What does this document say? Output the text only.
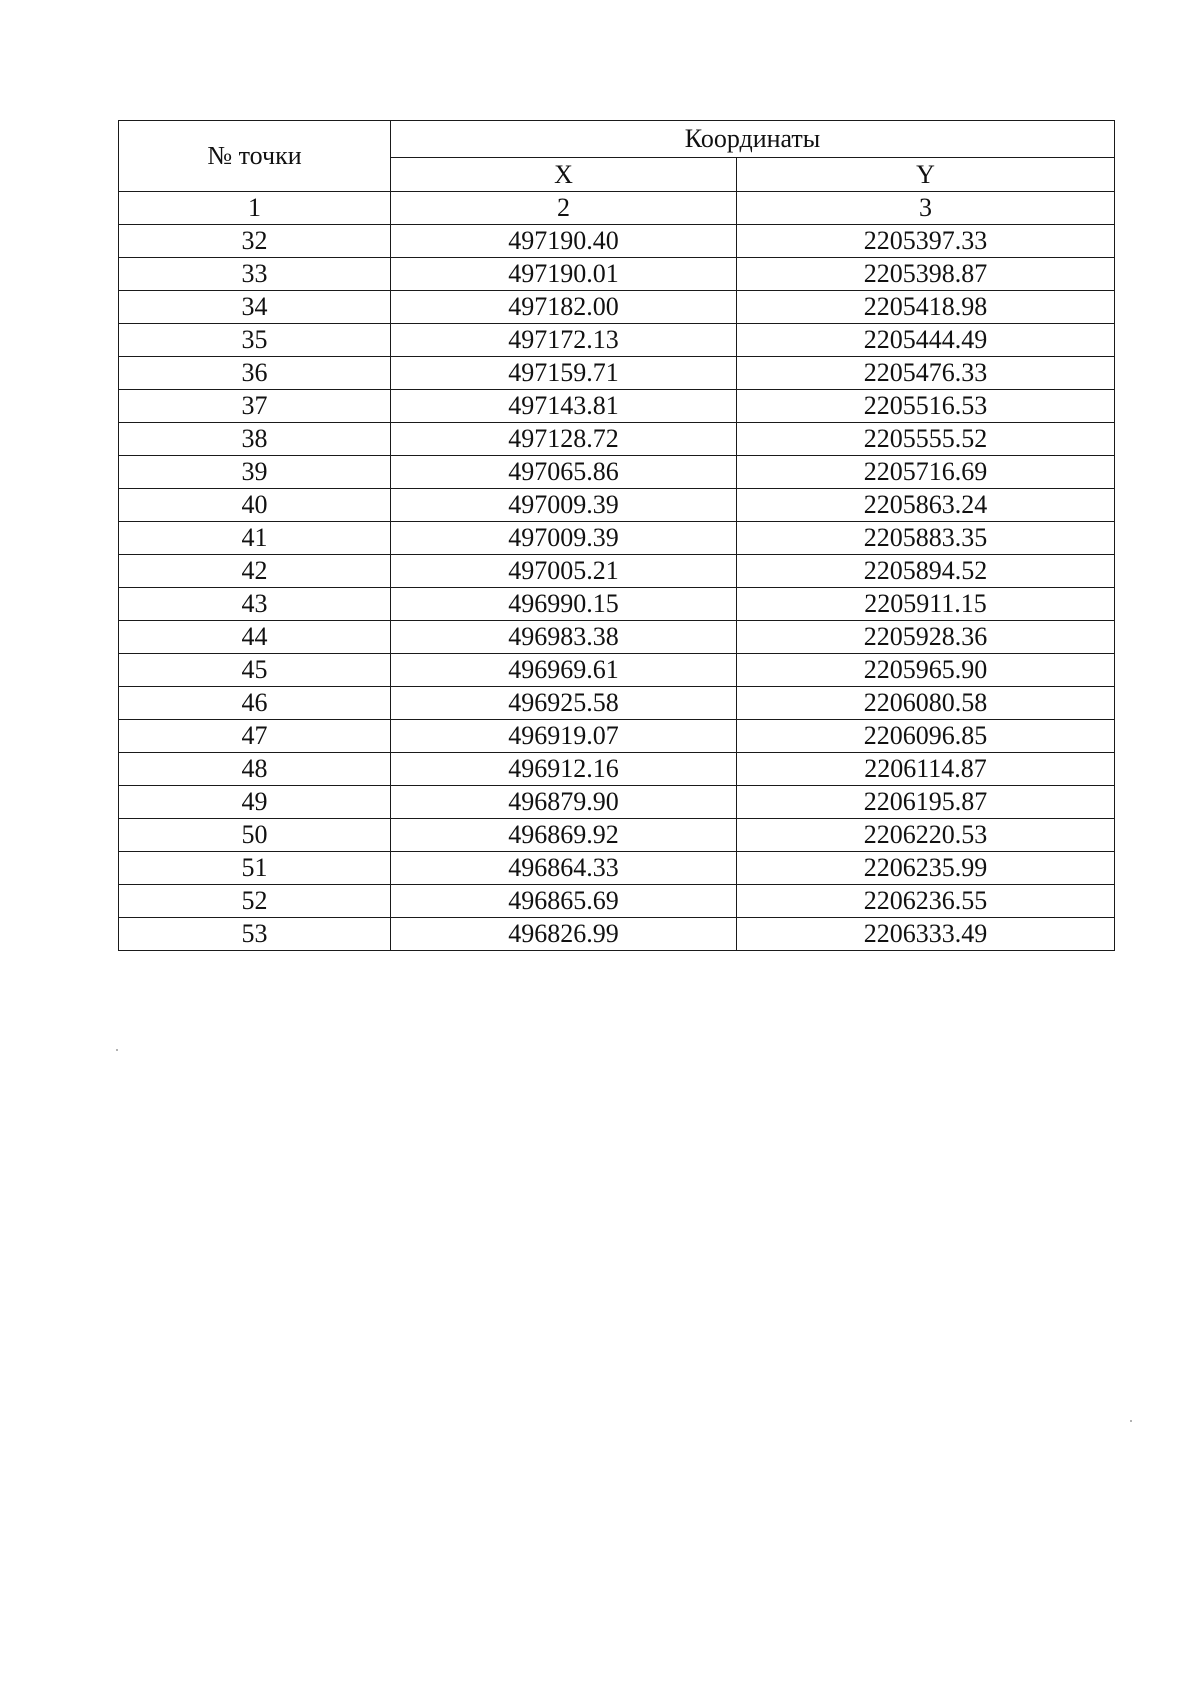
№ точки	Координаты	
	X	Y
1	2	3
32	497190.40	2205397.33
33	497190.01	2205398.87
34	497182.00	2205418.98
35	497172.13	2205444.49
36	497159.71	2205476.33
37	497143.81	2205516.53
38	497128.72	2205555.52
39	497065.86	2205716.69
40	497009.39	2205863.24
41	497009.39	2205883.35
42	497005.21	2205894.52
43	496990.15	2205911.15
44	496983.38	2205928.36
45	496969.61	2205965.90
46	496925.58	2206080.58
47	496919.07	2206096.85
48	496912.16	2206114.87
49	496879.90	2206195.87
50	496869.92	2206220.53
51	496864.33	2206235.99
52	496865.69	2206236.55
53	496826.99	2206333.49
